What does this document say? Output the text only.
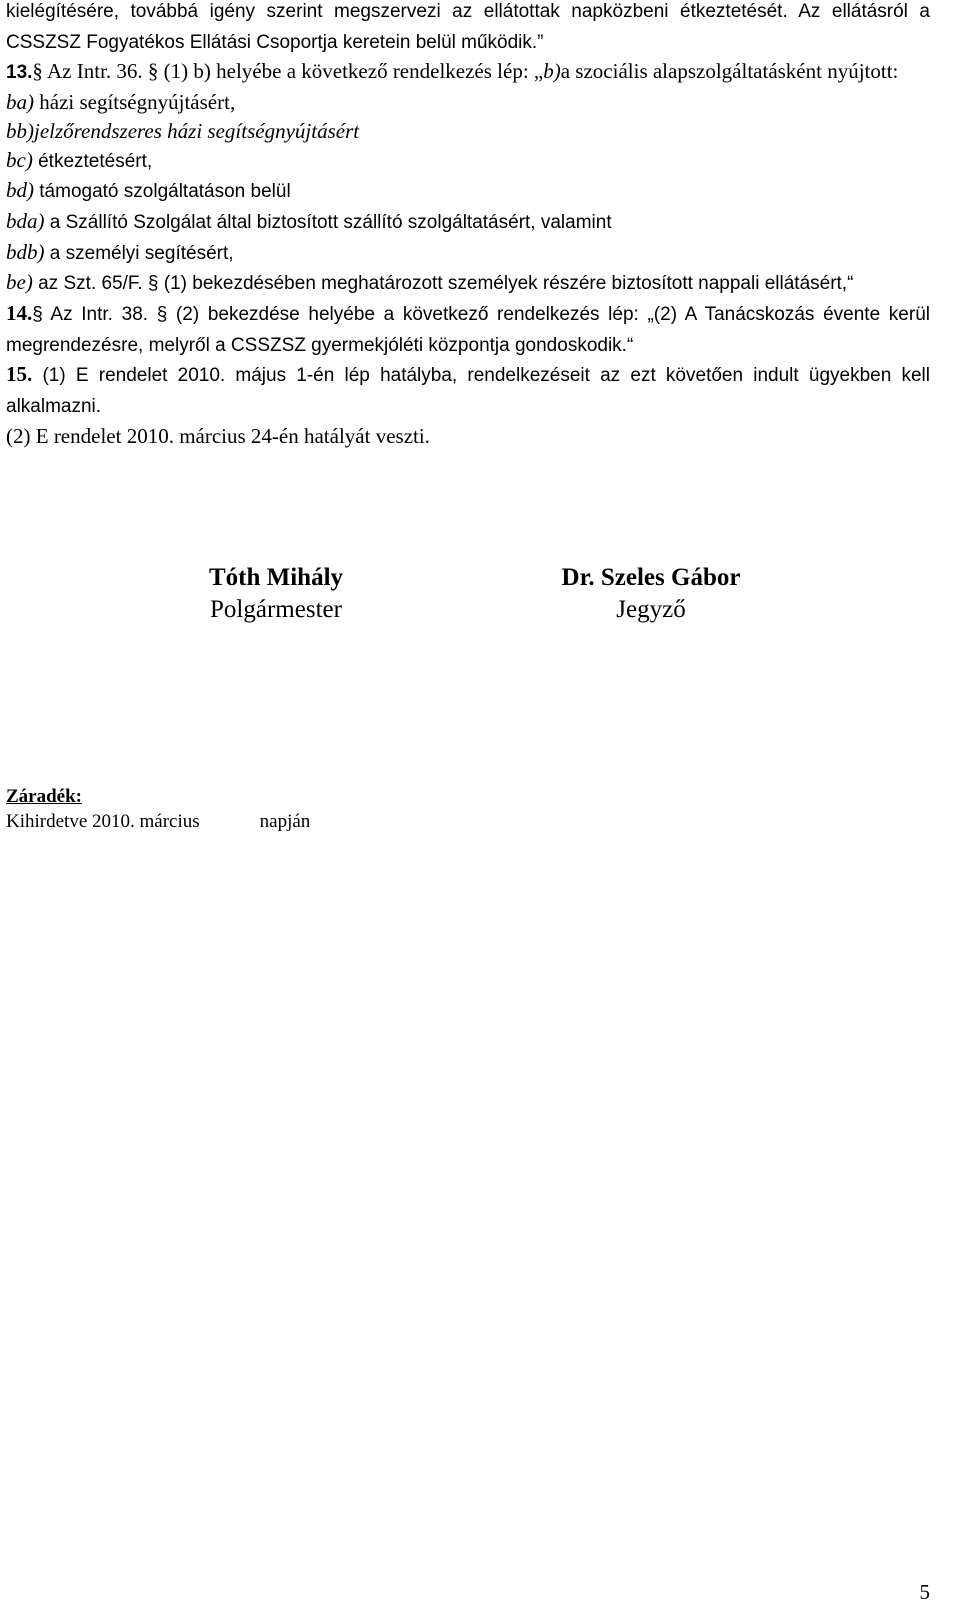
kielégítésére, továbbá igény szerint megszervezi az ellátottak napközbeni étkeztetését. Az ellátásról a CSSZSZ Fogyatékos Ellátási Csoportja keretein belül működik.”

13.§ Az Intr. 36. § (1) b) helyébe a következő rendelkezés lép: „b)a szociális alapszolgáltatásként nyújtott:

ba) házi segítségnyújtásért,

bb)jelzőrendszeres házi segítségnyújtásért

bc) étkeztetésért,

bd) támogató szolgáltatáson belül

bda) a Szállító Szolgálat által biztosított szállító szolgáltatásért, valamint

bdb) a személyi segítésért,

be) az Szt. 65/F. § (1) bekezdésében meghatározott személyek részére biztosított nappali ellátásért,“

14.§ Az Intr. 38. § (2) bekezdése helyébe a következő rendelkezés lép: „(2) A Tanácskozás évente kerül megrendezésre, melyről a CSSZSZ gyermekjóléti központja gondoskodik.“

15. (1) E rendelet 2010. május 1-én lép hatályba, rendelkezéseit az ezt követően indult ügyekben kell alkalmazni.

(2) E rendelet 2010. március 24-én hatályát veszti.

Tóth Mihály
Polgármester
Dr. Szeles Gábor
Jegyző
Záradék:
Kihirdetve 2010. március	napján
5
